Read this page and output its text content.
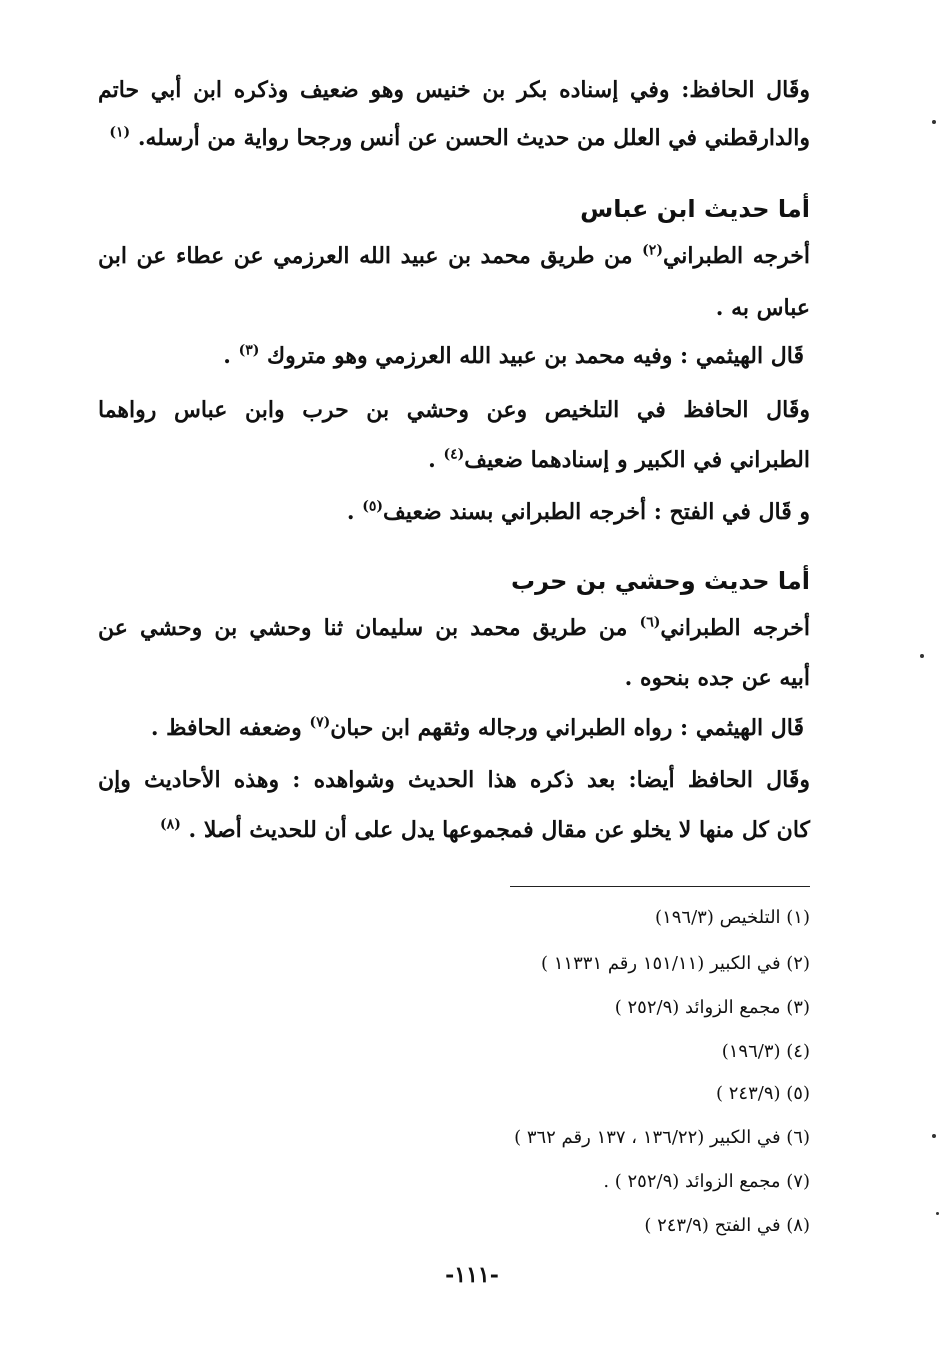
وقَال الحافظ: وفي إسناده بكر بن خنيس وهو ضعيف وذكره ابن أبي حاتم
والدارقطني في العلل من حديث الحسن عن أنس ورجحا رواية من أرسله. $^{(١)}$
أما حديث ابن عباس
أخرجه الطبراني$^{(٢)}$ من طريق محمد بن عبيد الله العرزمي عن عطاء عن ابن
عباس به .
قَال الهيثمي : وفيه محمد بن عبيد الله العرزمي وهو متروك $^{(٣)}$ .
وقَال الحافظ في التلخيص وعن وحشي بن حرب وابن عباس رواهما
الطبراني في الكبير و إسنادهما ضعيف$^{(٤)}$ .
و قَال في الفتح : أخرجه الطبراني بسند ضعيف$^{(٥)}$ .
أما حديث وحشي بن حرب
أخرجه الطبراني$^{(٦)}$ من طريق محمد بن سليمان ثنا وحشي بن وحشي عن
أبيه عن جده بنحوه .
قَال الهيثمي : رواه الطبراني ورجاله وثقهم ابن حبان$^{(٧)}$ وضعفه الحافظ .
وقَال الحافظ أيضا: بعد ذكره هذا الحديث وشواهده : وهذه الأحاديث وإن
كان كل منها لا يخلو عن مقال فمجموعها يدل على أن للحديث أصلا . $^{(٨)}$
(١) التلخيص (١٩٦/٣)
(٢) في الكبير (١٥١/١١ رقم ١١٣٣١ )
(٣) مجمع الزوائد (٢٥٢/٩ )
(٤) (١٩٦/٣)
(٥) (٢٤٣/٩ )
(٦) في الكبير (١٣٦/٢٢ ، ١٣٧ رقم ٣٦٢ )
(٧) مجمع الزوائد (٢٥٢/٩ ) .
(٨) في الفتح (٢٤٣/٩ )
-١١١-
